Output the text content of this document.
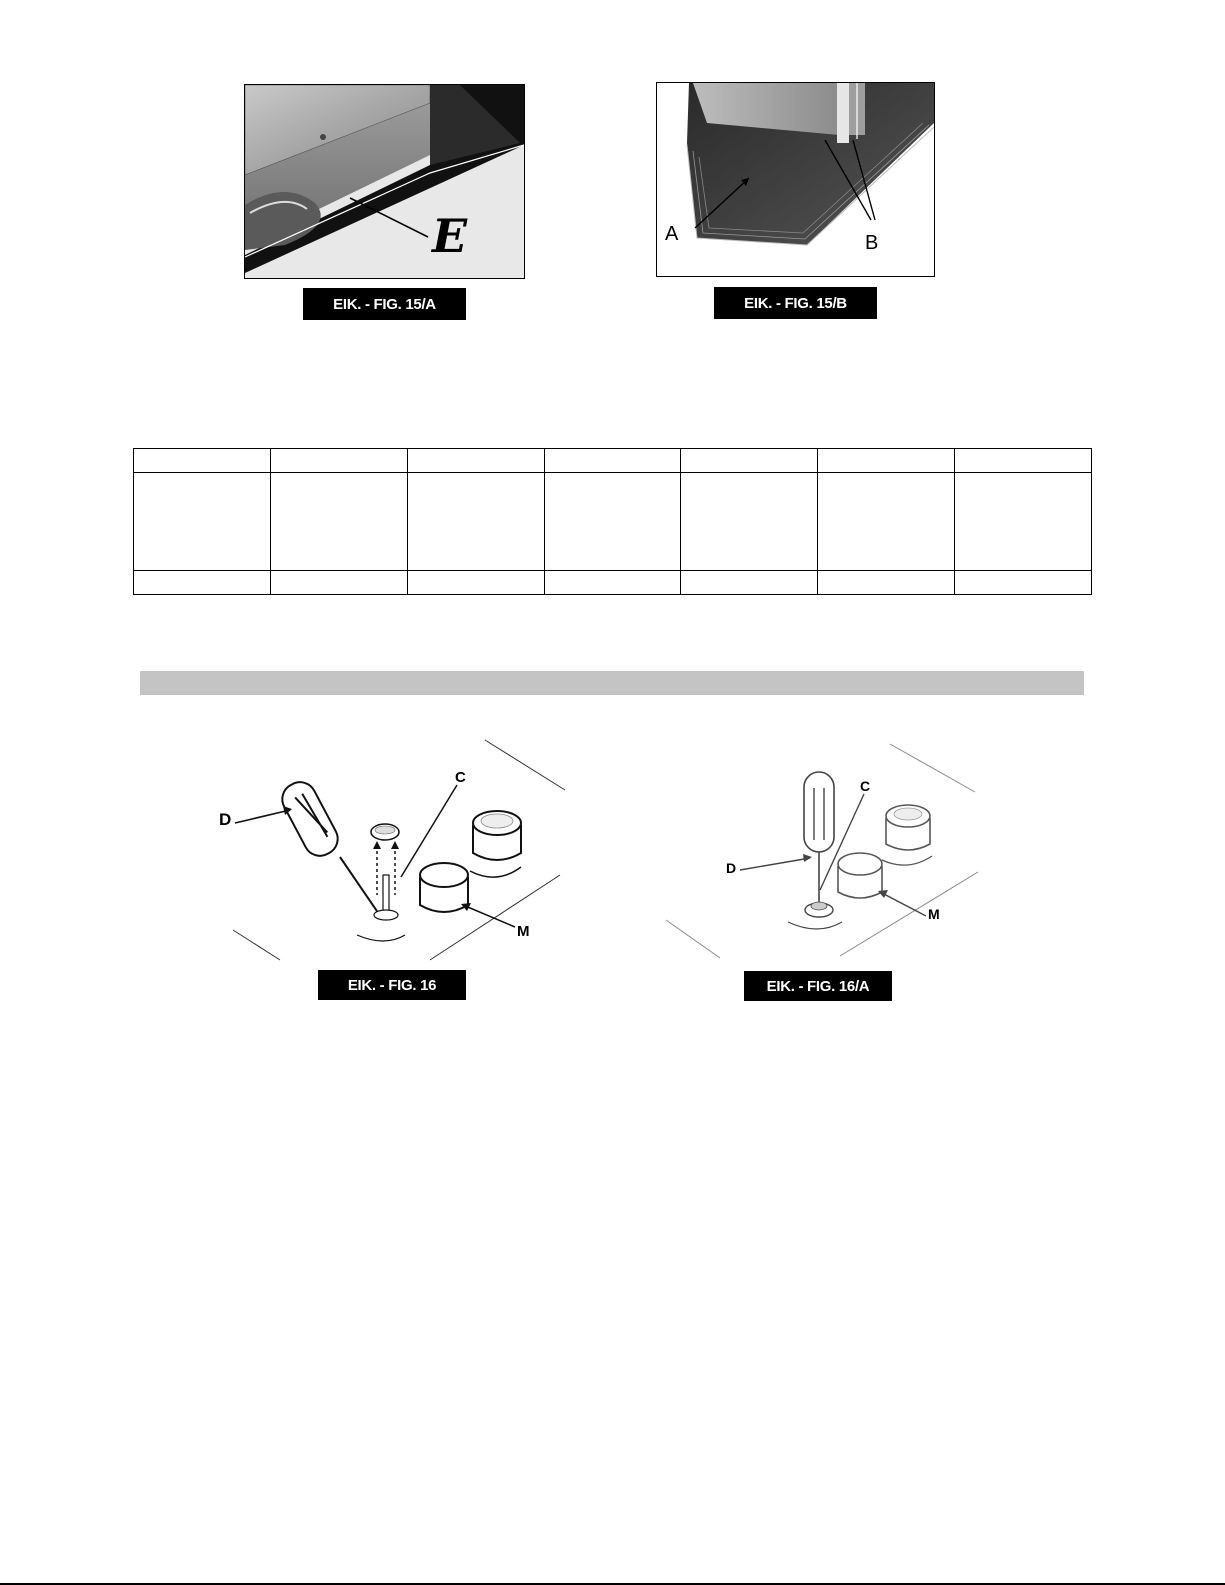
E
ΕΙΚ. - FIG. 15/A
A	B
ΕΙΚ. - FIG. 15/B

D
C
M
ΕΙΚ. - FIG. 16
D
C
M
ΕΙΚ. - FIG. 16/A
